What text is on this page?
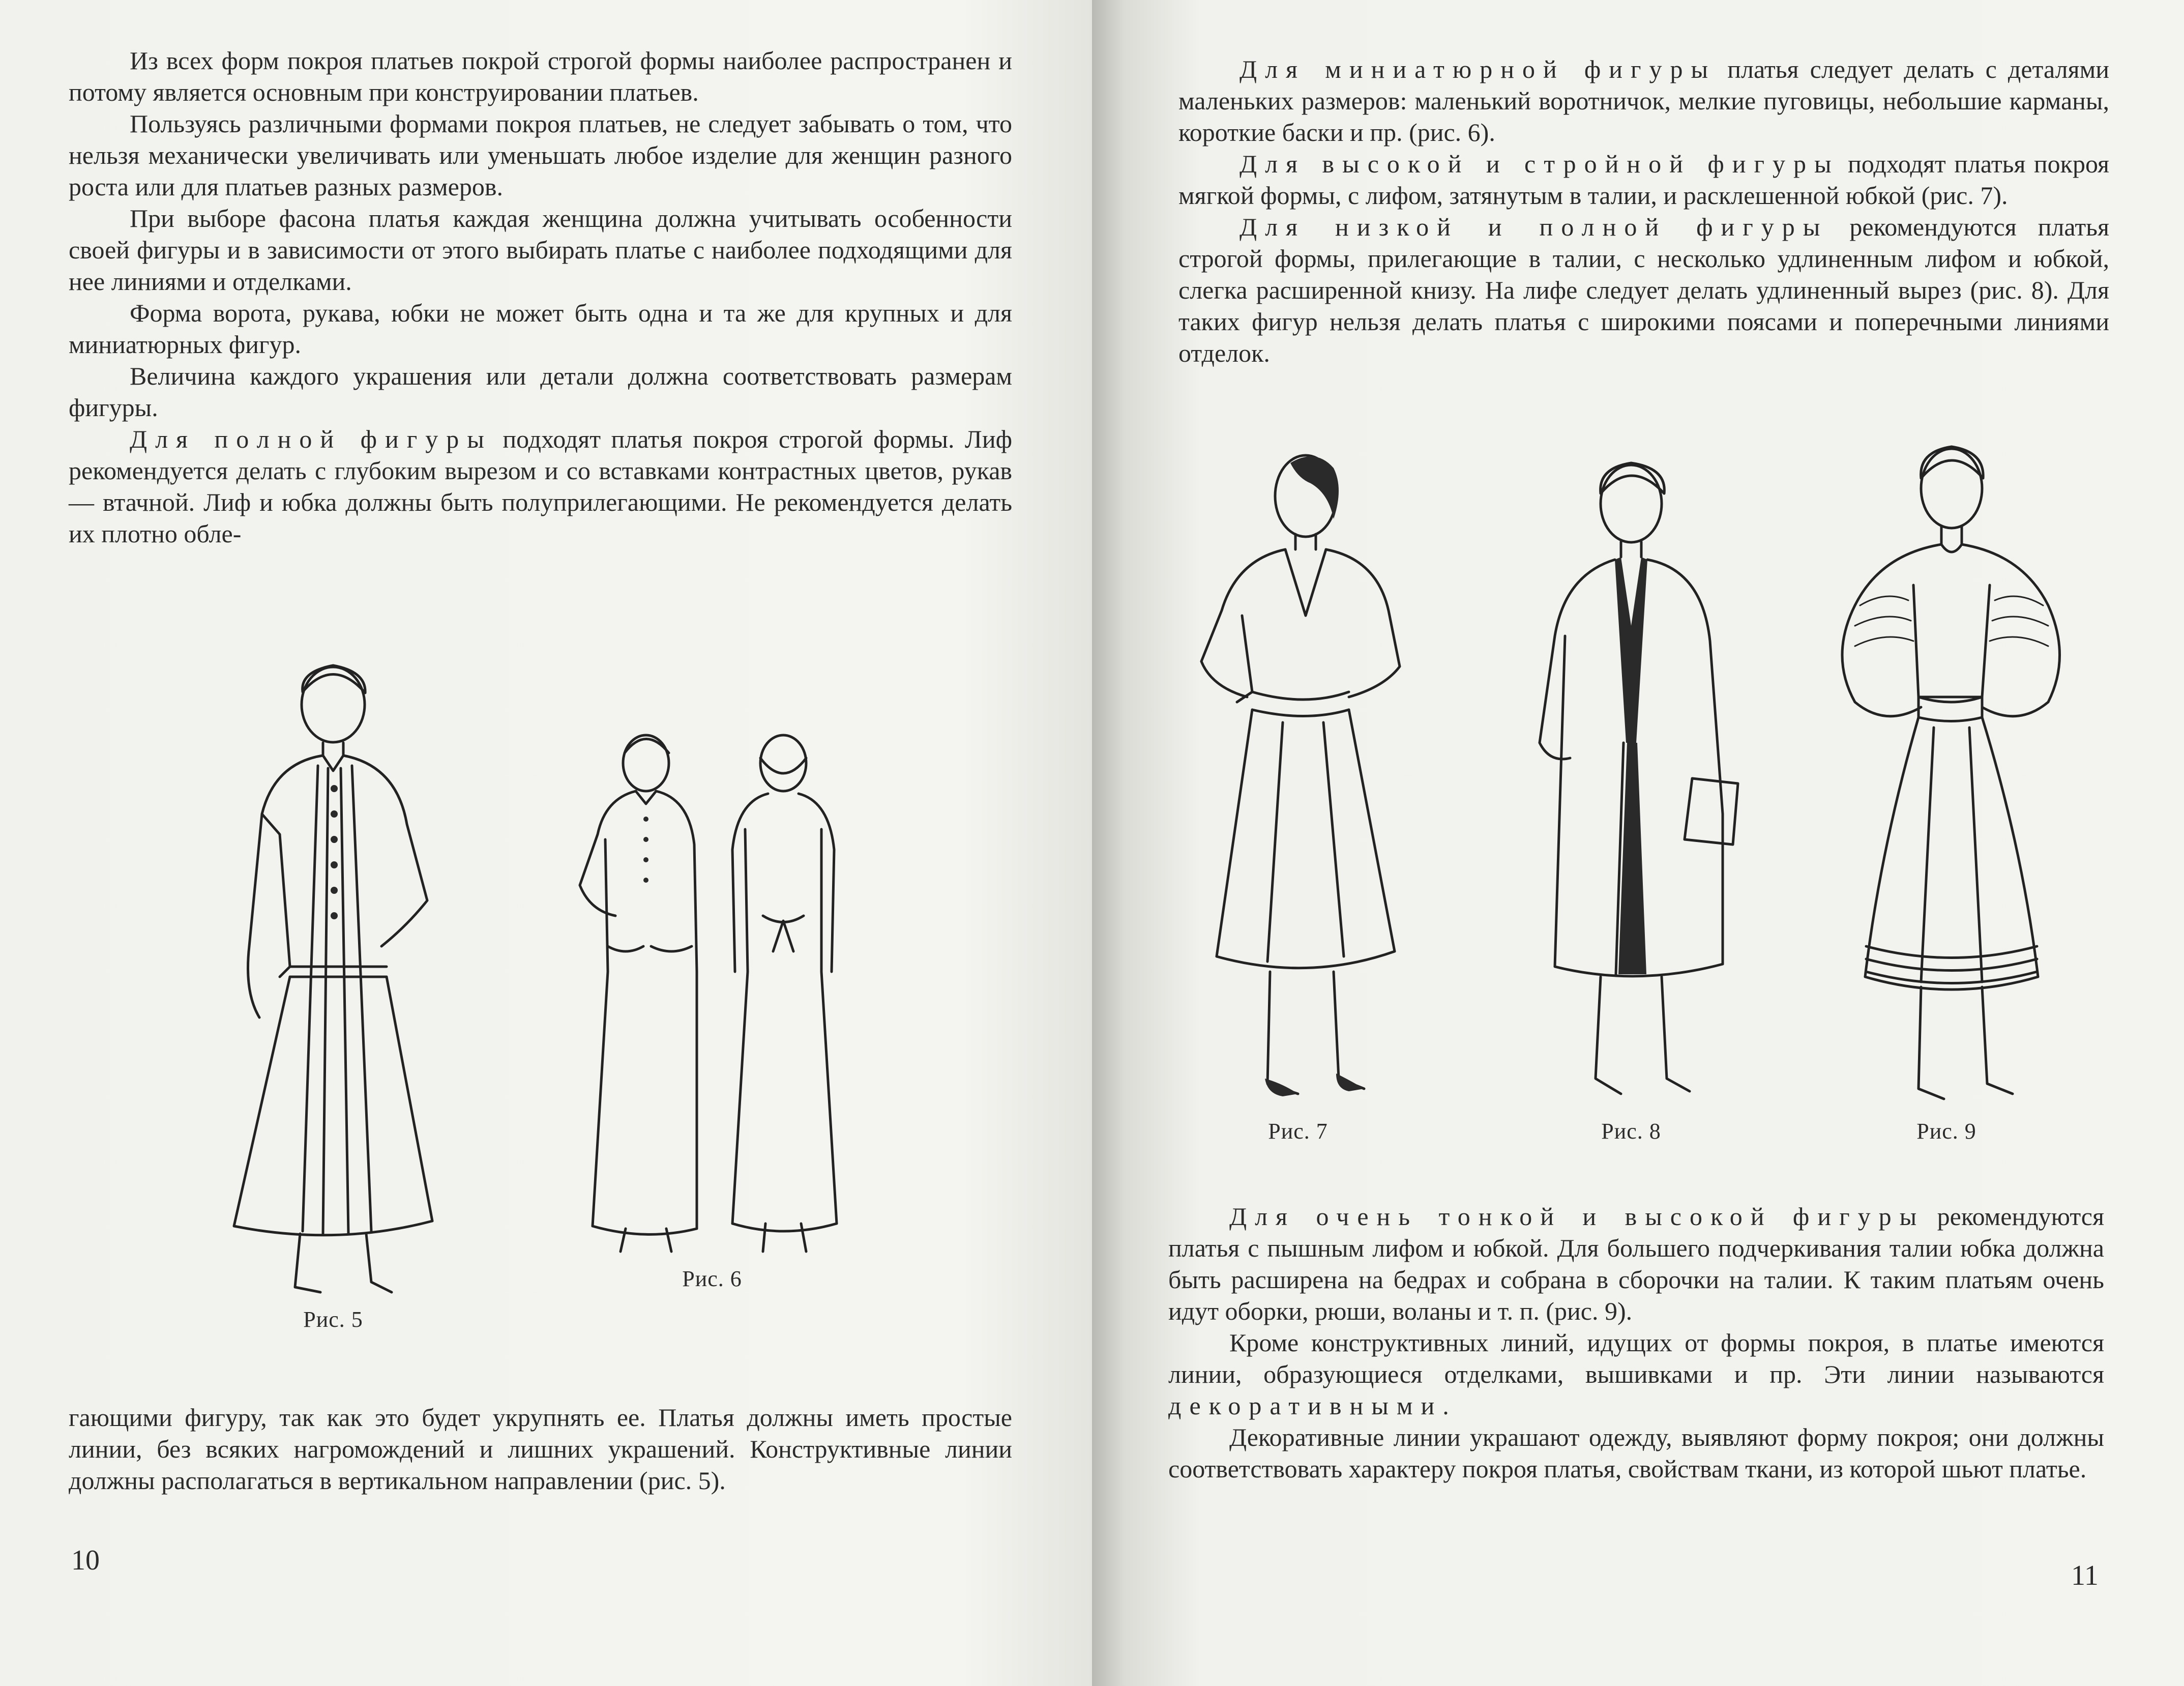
Из всех форм покроя платьев покрой строгой формы наиболее распространен и потому является основным при конструировании платьев.

Пользуясь различными формами покроя платьев, не следует забывать о том, что нельзя механически увеличивать или уменьшать любое изделие для женщин разного роста или для платьев разных размеров.

При выборе фасона платья каждая женщина должна учитывать особенности своей фигуры и в зависимости от этого выбирать платье с наиболее подходящими для нее линиями и отделками.

Форма ворота, рукава, юбки не может быть одна и та же для крупных и для миниатюрных фигур.

Величина каждого украшения или детали должна соответствовать размерам фигуры.

Для полной фигуры подходят платья покроя строгой формы. Лиф рекомендуется делать с глубоким вырезом и со вставками контрастных цветов, рукав — втачной. Лиф и юбка должны быть полуприлегающими. Не рекомендуется делать их плотно обле-

Рис. 5
Рис. 6

гающими фигуру, так как это будет укрупнять ее. Платья должны иметь простые линии, без всяких нагромождений и лишних украшений. Конструктивные линии должны располагаться в вертикальном направлении (рис. 5).

10

Для миниатюрной фигуры платья следует делать с деталями маленьких размеров: маленький воротничок, мелкие пуговицы, небольшие карманы, короткие баски и пр. (рис. 6).

Для высокой и стройной фигуры подходят платья покроя мягкой формы, с лифом, затянутым в талии, и расклешенной юбкой (рис. 7).

Для низкой и полной фигуры рекомендуются платья строгой формы, прилегающие в талии, с несколько удлиненным лифом и юбкой, слегка расширенной книзу. На лифе следует делать удлиненный вырез (рис. 8). Для таких фигур нельзя делать платья с широкими поясами и поперечными линиями отделок.

Рис. 7	Рис. 8	Рис. 9

Для очень тонкой и высокой фигуры рекомендуются платья с пышным лифом и юбкой. Для большего подчеркивания талии юбка должна быть расширена на бедрах и собрана в сборочки на талии. К таким платьям очень идут оборки, рюши, воланы и т. п. (рис. 9).

Кроме конструктивных линий, идущих от формы покроя, в платье имеются линии, образующиеся отделками, вышивками и пр. Эти линии называются декоративными.

Декоративные линии украшают одежду, выявляют форму покроя; они должны соответствовать характеру покроя платья, свойствам ткани, из которой шьют платье.

11
